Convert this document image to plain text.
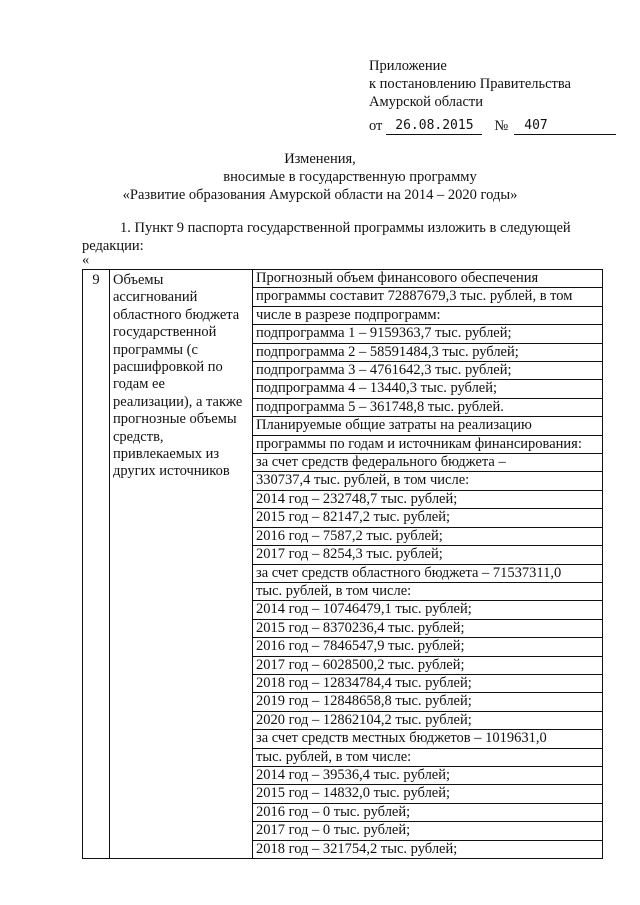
Приложение
к постановлению Правительства
Амурской области
от 26.08.2015	№	407
Изменения,
вносимые в государственную программу
«Развитие образования Амурской области на 2014 – 2020 годы»

1. Пункт 9 паспорта государственной программы изложить в следующей

редакции:

«
9	Объемы
ассигнований
областного бюджета
государственной
программы (с
расшифровкой по
годам ее
реализации), а также
прогнозные объемы
средств,
привлекаемых из
других источников

Прогнозный объем финансового обеспечения
программы составит 72887679,3 тыс. рублей, в том
числе в разрезе подпрограмм:
подпрограмма 1 – 9159363,7 тыс. рублей;
подпрограмма 2 – 58591484,3 тыс. рублей;
подпрограмма 3 – 4761642,3 тыс. рублей;
подпрограмма 4 – 13440,3 тыс. рублей;
подпрограмма 5 – 361748,8 тыс. рублей.
Планируемые общие затраты на реализацию
программы по годам и источникам финансирования:
за счет средств федерального бюджета –
330737,4 тыс. рублей, в том числе:
2014 год – 232748,7 тыс. рублей;
2015 год – 82147,2 тыс. рублей;
2016 год – 7587,2 тыс. рублей;
2017 год – 8254,3 тыс. рублей;
за счет средств областного бюджета – 71537311,0
тыс. рублей, в том числе:
2014 год – 10746479,1 тыс. рублей;
2015 год – 8370236,4 тыс. рублей;
2016 год – 7846547,9 тыс. рублей;
2017 год – 6028500,2 тыс. рублей;
2018 год – 12834784,4 тыс. рублей;
2019 год – 12848658,8 тыс. рублей;
2020 год – 12862104,2 тыс. рублей;
за счет средств местных бюджетов – 1019631,0
тыс. рублей, в том числе:
2014 год – 39536,4 тыс. рублей;
2015 год – 14832,0 тыс. рублей;
2016 год – 0 тыс. рублей;
2017 год – 0 тыс. рублей;
2018 год – 321754,2 тыс. рублей;
